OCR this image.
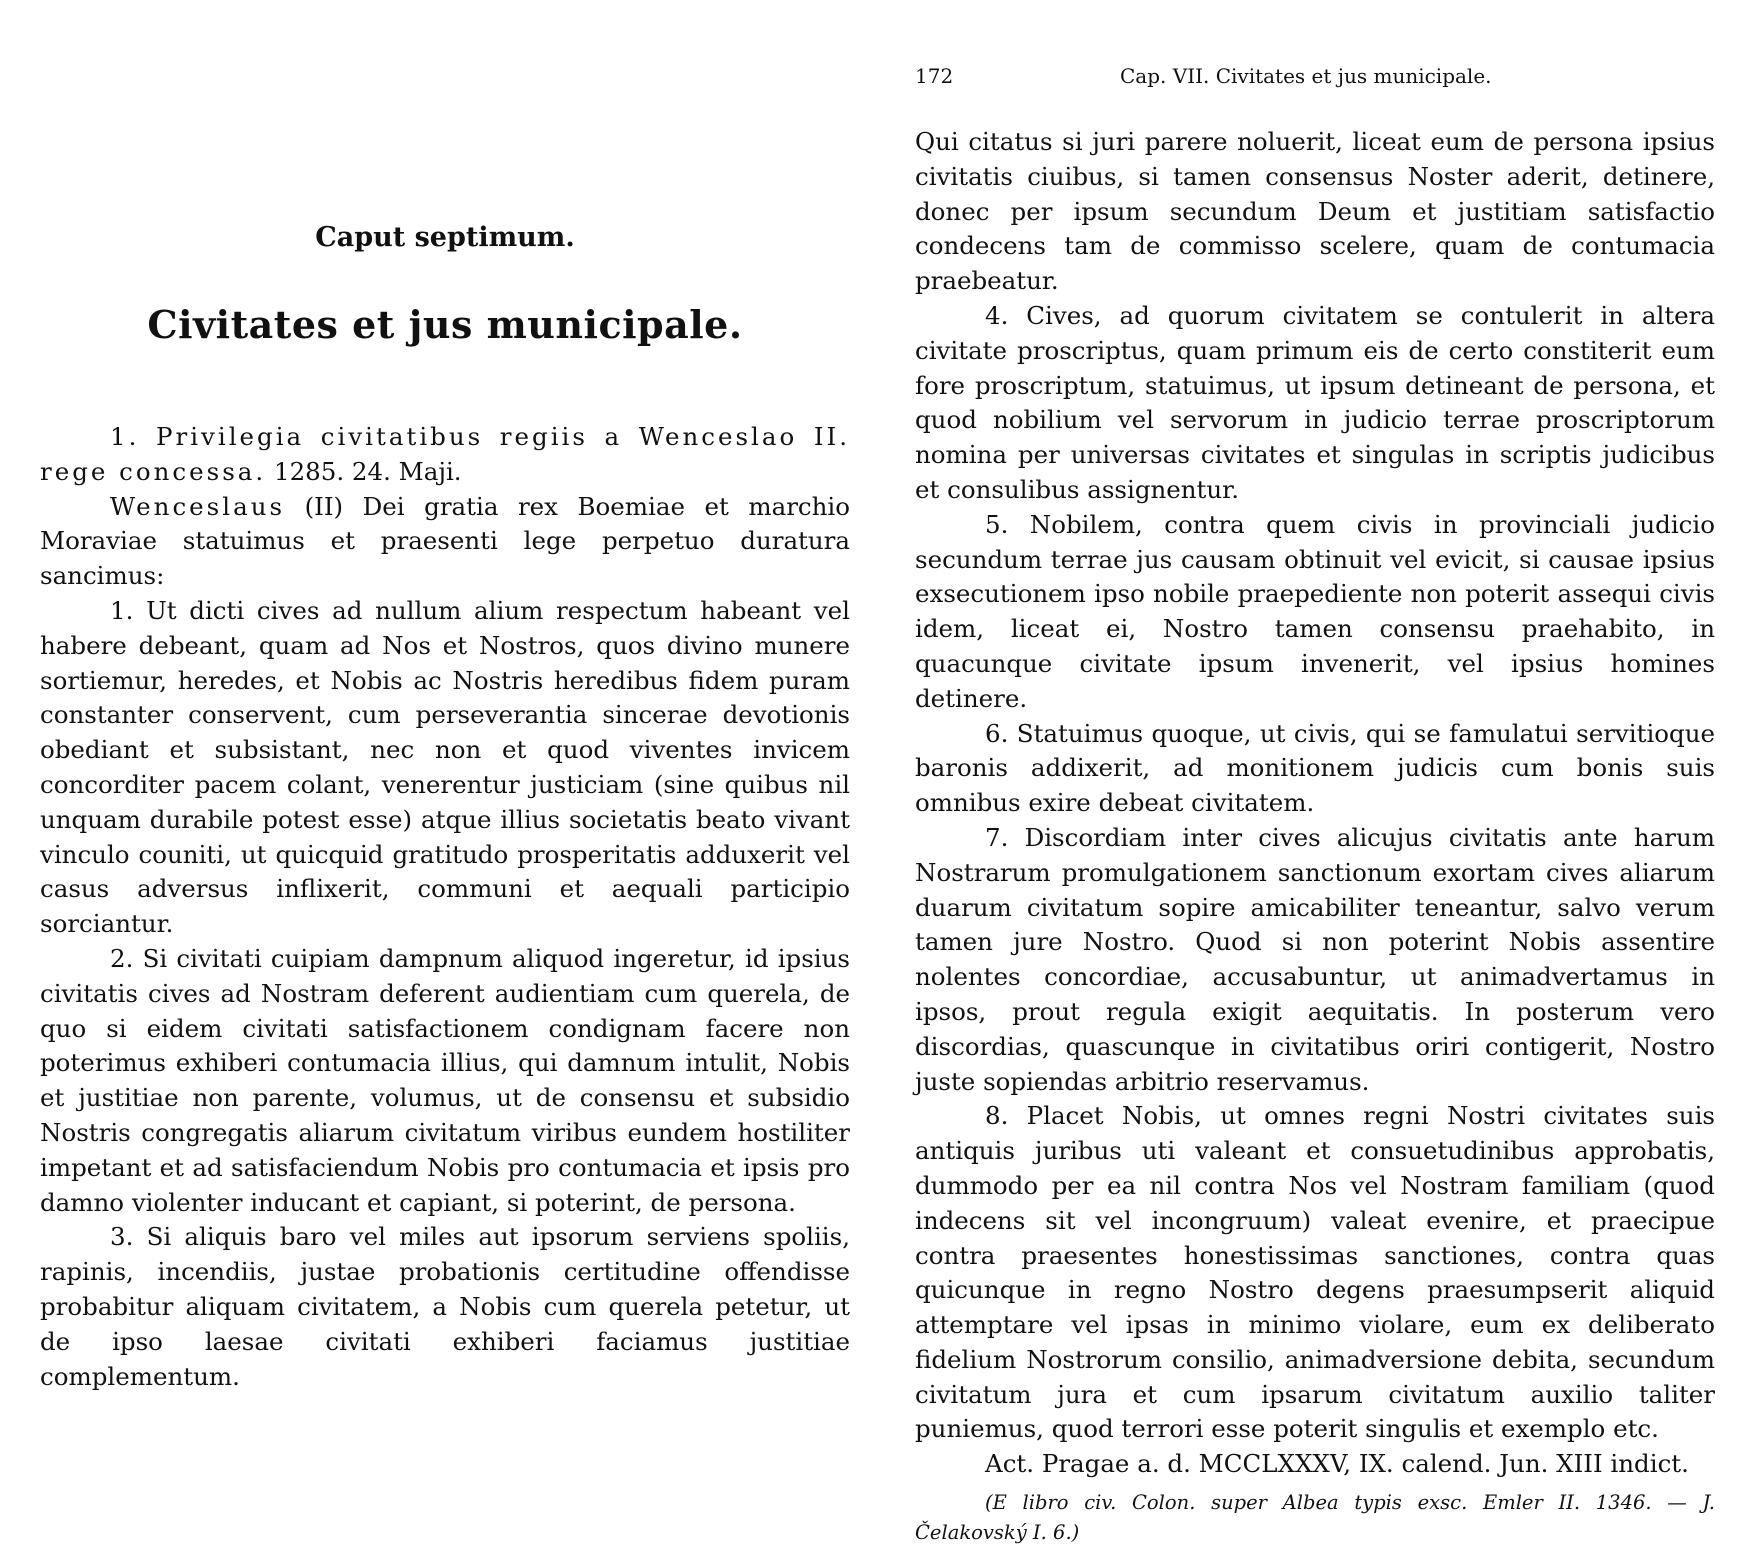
Caput septimum.
Civitates et jus municipale.

1. Privilegia civitatibus regiis a Wenceslao II. rege concessa. 1285. 24. Maji.

Wenceslaus (II) Dei gratia rex Boemiae et marchio Moraviae statuimus et praesenti lege perpetuo duratura sancimus:

1. Ut dicti cives ad nullum alium respectum habeant vel habere debeant, quam ad Nos et Nostros, quos divino munere sortiemur, heredes, et Nobis ac Nostris heredibus fidem puram constanter conservent, cum perseverantia sincerae devotionis obediant et subsistant, nec non et quod viventes invicem concorditer pacem colant, venerentur justiciam (sine quibus nil unquam durabile potest esse) atque illius societatis beato vivant vinculo couniti, ut quicquid gratitudo prosperitatis adduxerit vel casus adversus inflixerit, communi et aequali participio sorciantur.

2. Si civitati cuipiam dampnum aliquod ingeretur, id ipsius civitatis cives ad Nostram deferent audientiam cum querela, de quo si eidem civitati satisfactionem condignam facere non poterimus exhiberi contumacia illius, qui damnum intulit, Nobis et justitiae non parente, volumus, ut de consensu et subsidio Nostris congregatis aliarum civitatum viribus eundem hostiliter impetant et ad satisfaciendum Nobis pro contumacia et ipsis pro damno violenter inducant et capiant, si poterint, de persona.

3. Si aliquis baro vel miles aut ipsorum serviens spoliis, rapinis, incendiis, justae probationis certitudine offendisse probabitur aliquam civitatem, a Nobis cum querela petetur, ut de ipso laesae civitati exhiberi faciamus justitiae complementum.

172	Cap. VII. Civitates et jus municipale.

Qui citatus si juri parere noluerit, liceat eum de persona ipsius civitatis ciuibus, si tamen consensus Noster aderit, detinere, donec per ipsum secundum Deum et justitiam satisfactio condecens tam de commisso scelere, quam de contumacia praebeatur.

4. Cives, ad quorum civitatem se contulerit in altera civitate proscriptus, quam primum eis de certo constiterit eum fore proscriptum, statuimus, ut ipsum detineant de persona, et quod nobilium vel servorum in judicio terrae proscriptorum nomina per universas civitates et singulas in scriptis judicibus et consulibus assignentur.

5. Nobilem, contra quem civis in provinciali judicio secundum terrae jus causam obtinuit vel evicit, si causae ipsius exsecutionem ipso nobile praepediente non poterit assequi civis idem, liceat ei, Nostro tamen consensu praehabito, in quacunque civitate ipsum invenerit, vel ipsius homines detinere.

6. Statuimus quoque, ut civis, qui se famulatui servitioque baronis addixerit, ad monitionem judicis cum bonis suis omnibus exire debeat civitatem.

7. Discordiam inter cives alicujus civitatis ante harum Nostrarum promulgationem sanctionum exortam cives aliarum duarum civitatum sopire amicabiliter teneantur, salvo verum tamen jure Nostro. Quod si non poterint Nobis assentire nolentes concordiae, accusabuntur, ut animadvertamus in ipsos, prout regula exigit aequitatis. In posterum vero discordias, quascunque in civitatibus oriri contigerit, Nostro juste sopiendas arbitrio reservamus.

8. Placet Nobis, ut omnes regni Nostri civitates suis antiquis juribus uti valeant et consuetudinibus approbatis, dummodo per ea nil contra Nos vel Nostram familiam (quod indecens sit vel incongruum) valeat evenire, et praecipue contra praesentes honestissimas sanctiones, contra quas quicunque in regno Nostro degens praesumpserit aliquid attemptare vel ipsas in minimo violare, eum ex deliberato fidelium Nostrorum consilio, animadversione debita, secundum civitatum jura et cum ipsarum civitatum auxilio taliter puniemus, quod terrori esse poterit singulis et exemplo etc.

Act. Pragae a. d. MCCLXXXV, IX. calend. Jun. XIII indict.

(E libro civ. Colon. super Albea typis exsc. Emler II. 1346. — J. Čelakovský I. 6.)
